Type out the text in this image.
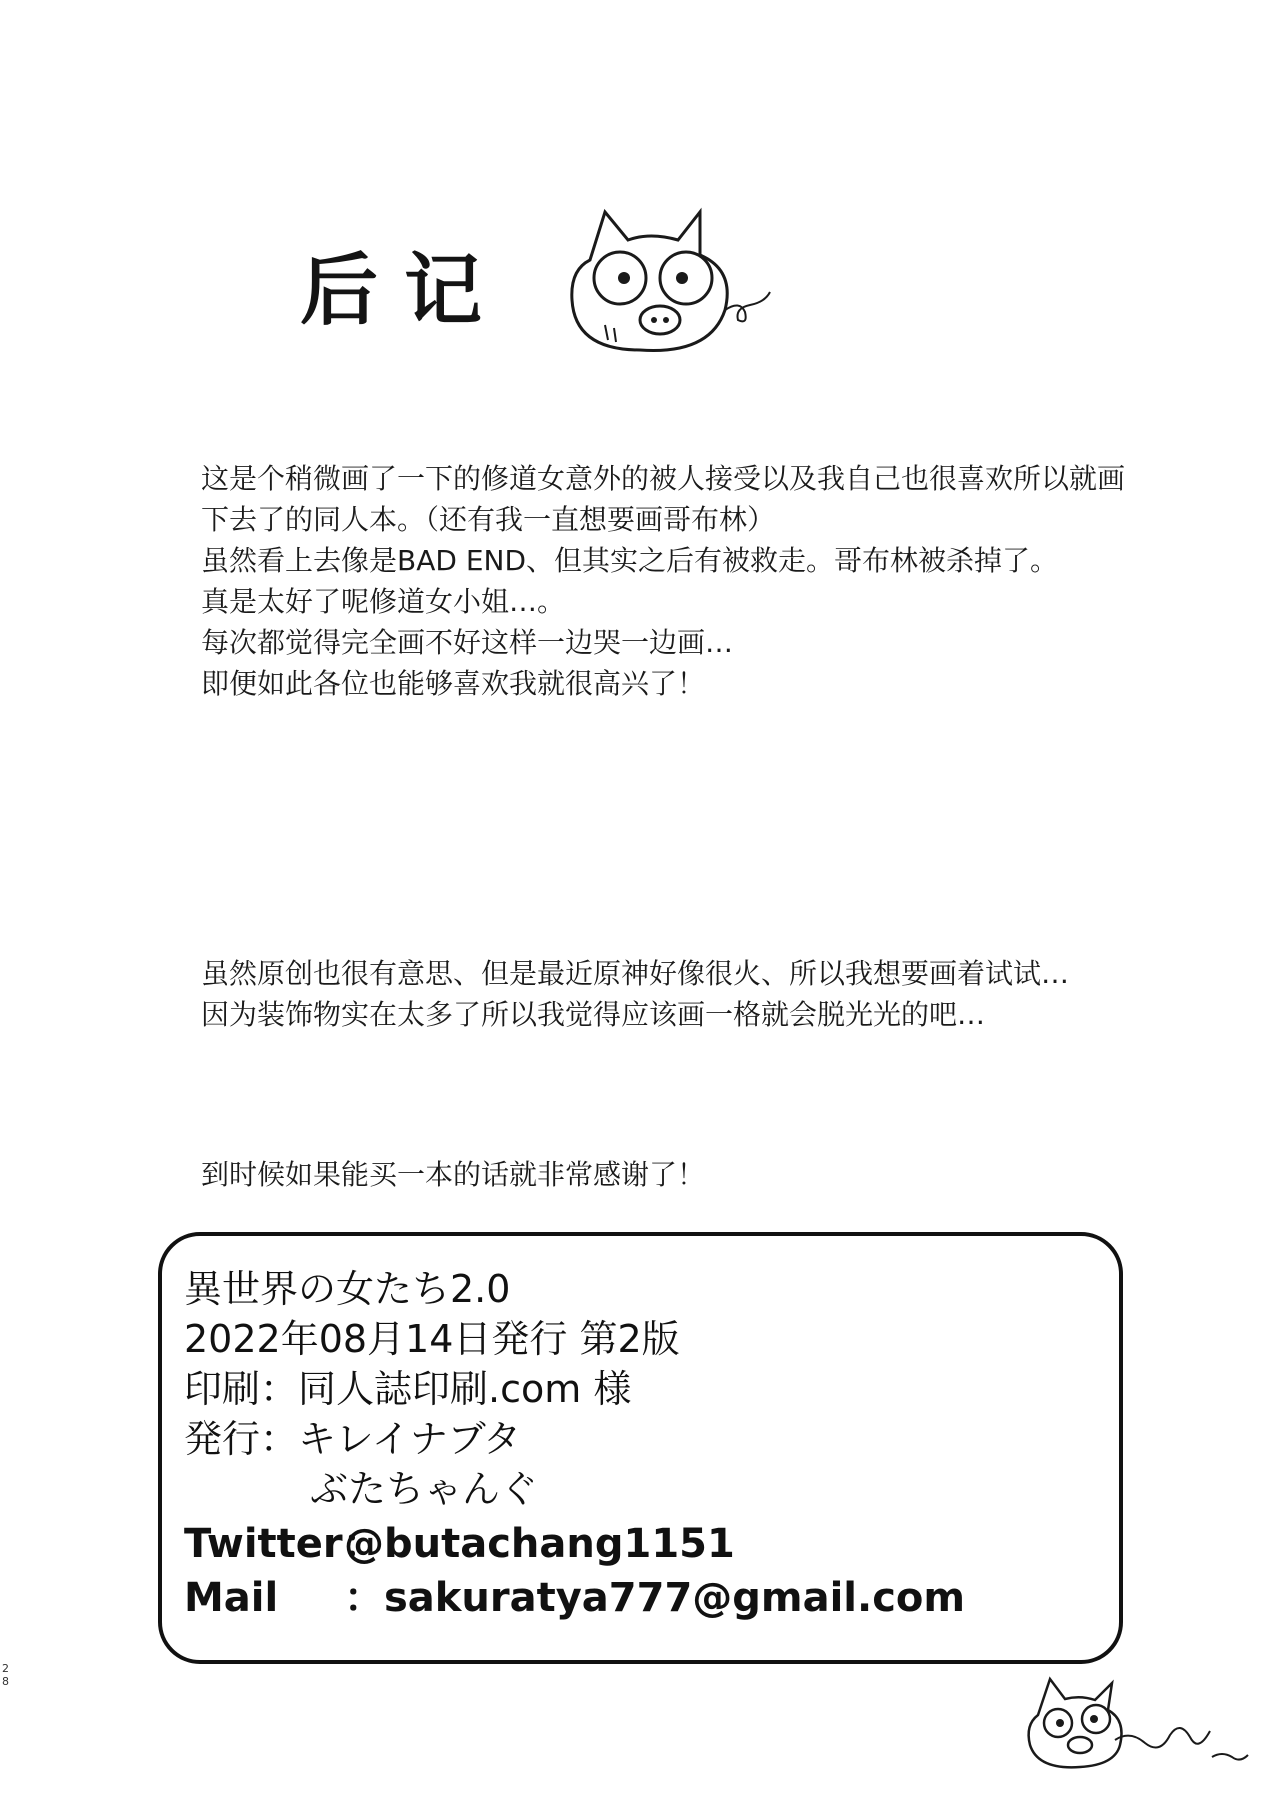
后记
这是个稍微画了一下的修道女意外的被人接受以及我自己也很喜欢所以就画
下去了的同人本。（还有我一直想要画哥布林）
虽然看上去像是BAD END、但其实之后有被救走。哥布林被杀掉了。
真是太好了呢修道女小姐…。
每次都觉得完全画不好这样一边哭一边画…
即便如此各位也能够喜欢我就很高兴了！
虽然原创也很有意思、但是最近原神好像很火、所以我想要画着试试…
因为装饰物实在太多了所以我觉得应该画一格就会脱光光的吧…
到时候如果能买一本的话就非常感谢了！
異世界の女たち2.0
2022年08月14日発行 第2版
印刷：同人誌印刷.com 様
発行：キレイナブタ
ぶたちゃんぐ
Twitter：@butachang1151
Mail ：sakuratya777@gmail.com
28
